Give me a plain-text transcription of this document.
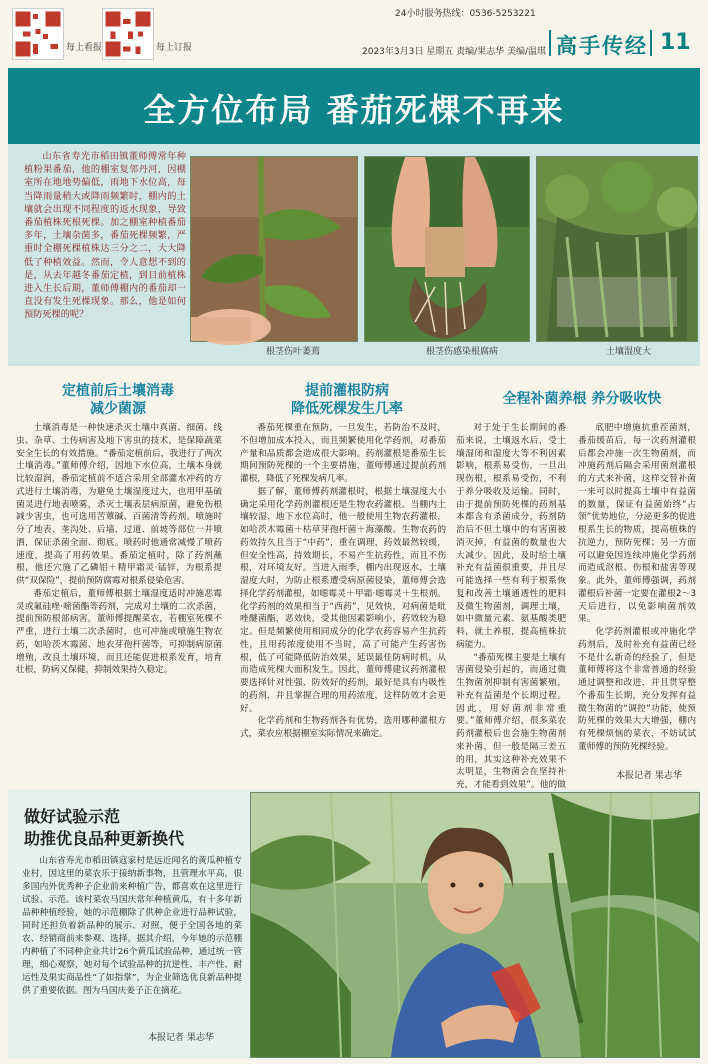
每上看报	每上订报
24小时服务热线：0536-5253221
2023年3月3日 星期五 责编/果志华 美编/温琪 高手传经 11
全方位布局 番茄死棵不再来
山东省寿光市稻田镇董师傅常年种植粉果番茄，他的棚室复邻丹河，因棚室所在地地势偏低，雨地下水位高，每当降雨量稍大或降雨频繁时，棚内的土壤就会出现不同程度的返水现象，导致番茄植株死根死棵。加之棚室种植番茄多年，土壤杂菌多，番茄死棵频繁，严重时全棚死棵植株达三分之二，大大降低了种植效益。然而，令人意想不到的是，从去年越冬番茄定植，到目前植株进入生长后期，董师傅棚内的番茄却一直没有发生死棵现象。那么，他是如何预防死棵的呢？
根茎伤叶萎蔫	根茎伤感染根腐病	土壤湿度大
定植前后土壤消毒
减少菌源
提前灌根防病
降低死棵发生几率
全程补菌养根 养分吸收快

土壤消毒是一种快速杀灭土壤中真菌、细菌、线虫、杂草、土传病害及地下害虫的技术，是保障蔬菜安全生长的有效措施。“番茄定植前后，我进行了两次土壤消毒。”董师傅介绍，因地下水位高，土壤本身就比较湿润，番茄定植前不适合采用全部灌水冲药的方式进行土壤消毒，为避免土壤湿度过大，也用甲基硫菌灵进行地表喷雾，杀灭土壤表层病原菌，避免伤根减少害虫，也可选用苦蕈碱、百菌清等药剂。喷施时分了地表、垄沟处、后墙、过道、前坡等部位一并喷洒，保证杀菌全面、彻底。喷药时他通常减慢了喷药速度，提高了用药效果。番茄定植时，除了药剂蘸根，他还穴施了乙磷铝＋精甲霜灵·锰锌，为根系提供“双保险”，提前预防腐霉对根系侵染危害。

番茄定植后，董师傅根据土壤湿度适时冲施恶霉灵或氟硅唑·嘧菌酯等药剂，完成对土壤的二次杀菌，提前预防根部病害。董师傅提醒菜农，若棚室死棵不严重，进行土壤二次杀菌时，也可冲施或喷施生物农药，如哈茨木霉菌、地衣芽孢杆菌等，可抑制病原菌增殖，改良土壤环境，而且还能促进根系发育，培育壮根，防病又保健，抑制效果持久稳定。

番茄死棵重在预防，一旦发生，若防治不及时，不但增加成本投入，而且频繁使用化学药剂，对番茄产量和品质都会造成很大影响。药剂灌根是番茄生长期间预防死棵的一个主要措施，董师傅通过提前药剂灌根，降低了死棵发病几率。

据了解，董师傅药剂灌根时，根据土壤湿度大小确定采用化学药剂灌根还是生物农药灌根。当棚内土壤较湿、地下水位高时，他一般使用生物农药灌根，如哈茨木霉菌＋枯草芽孢杆菌＋海藻酸。生物农药的药效持久且当于“中药”，重在调理，药效最然较缓，但安全性高，持效期长，不易产生抗药性，而且不伤根，对环境友好。当进入雨季，棚内出现返水，土壤湿度大时，为防止根系遭受病原菌侵染，董师傅会选择化学药剂灌根，如噁霉灵＋甲霜·噁霉灵＋生根剂。化学药剂的效果相当于“西药”，见效快，对病菌是吡唑醚菌酯，恶效快，受其他因素影响小，药效较为稳定。但是频繁使用相同成分的化学农药容易产生抗药性，且用药浓度使用不当时，高了可能产生药害伤根，低了可能降低防治效果，延误最佳防病时机，从而造成死棵大面积发生。因此，董师傅建议药剂灌根要选择针对性强、防效好的药剂，最好是具有内吸性的药剂，并且掌握合理的用药浓度，这样防效才会更好。

化学药剂和生物药剂各有优势，选用哪种灌根方式，菜农应根据棚室实际情况来确定。

对于处于生长期间的番茄来说，土壤返水后，受土壤湿闭和湿度大等不利因素影响，根系易受伤，一旦出现伤根，根系易受伤，不利于养分吸收及运输。同时，由于提前预防死棵的药剂基本都含有杀菌成分，药剂防治后不但土壤中的有害菌被消灭掉，有益菌的数量也大大减少。因此，及时给土壤补充有益菌很重要，并且尽可能选择一些有利于根系恢复和改善土壤通透性的肥料及微生物菌剂，调理土壤，如中微量元素、氨基酸类肥料，就土养根，提高植株抗病能力。

“番茄死棵主要是土壤有害菌侵染引起的，而通过微生物菌剂抑制有害菌繁殖，补充有益菌是个长期过程。因此，用好菌剂非常重要。”董师傅介绍，很多菜农药剂灌根后也会施生物菌剂来补菌，但一般是隔三差五的用，其实这种补充效果不太明显，生物菌会在坚持补充，才能看到效果”。他的做

底肥中增施抗重茬菌剂，番茄缓苗后，每一次药剂灌根后都会冲施一次生物菌剂，而冲施药剂后隔会采用菌剂灌根的方式来补菌，这样交替补菌一来可以时提高土壤中有益菌的数量，保证有益菌始终“占领”优势地位，分泌更多的促进根系生长的物质，提高植株的抗逆力，预防死棵；另一方面可以避免因连续冲施化学药剂而造成沤根、伤根和盐害等现象。此外，董师傅强调，药剂灌根后补菌一定要在灌根2～3天后进行，以免影响菌剂效果。

化学药剂灌根或冲施化学药剂后，及时补充有益菌已经不是什么新奇的经验了，但是董师傅将这个非常普通的经验通过调整和改进，并且贯穿整个番茄生长期，充分发挥有益微生物菌的“调控”功能，使预防死棵的效果大大增强，棚内有死棵烦恼的菜农，不妨试试董师傅的预防死棵经验。

本报记者 果志华
做好试验示范
助推优良品种更新换代
山东省寿光市稻田镇寇家村是远近闻名的黄瓜种植专业村，因这里的菜农乐于接纳新事物，且管理水平高，很多国内外优秀种子企业前来种植广告，都喜欢在这里进行试验、示范。该村菜农马国庆常年种植黄瓜，有十多年新品种种植经验，她的示范棚除了供种企业进行品种试验，同时还担负着新品种的展示、对照，便于全国各地的菜农、经销商前来参观、选择。据其介绍，今年她的示范棚内种植了不同种企业共计26个黄瓜试验品种，通过统一管理，细心观察，她对每个试验品种的抗逆性、丰产性、耐运性及果实商品性“了如指掌”，为企业筛选优良新品种提供了重要依据。图为马国庆姜子正在摘花。
本报记者 果志华
